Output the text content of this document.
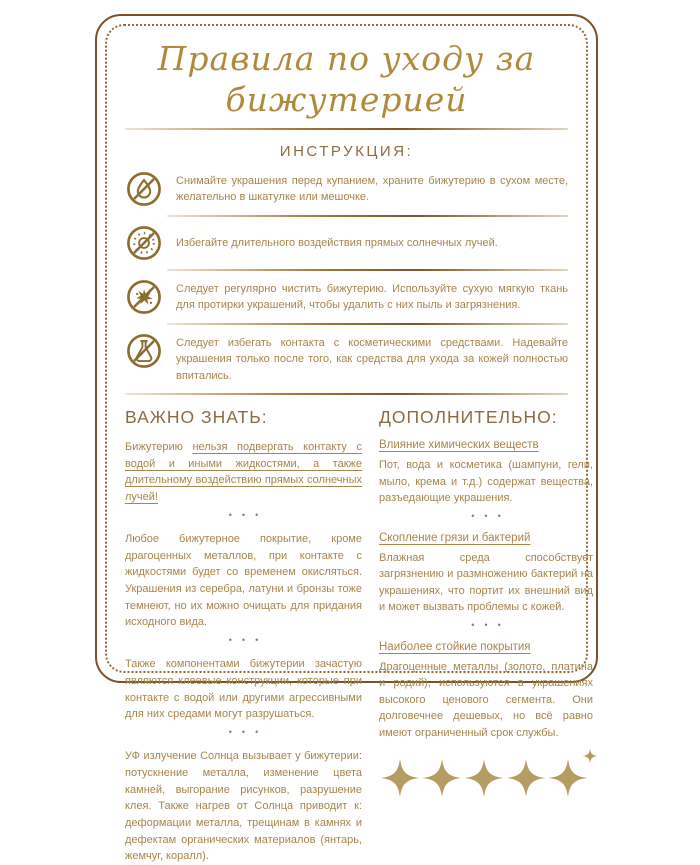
Правила по уходу за бижутерией
ИНСТРУКЦИЯ:
Снимайте украшения перед купанием, храните бижутерию в сухом месте, желательно в шкатулке или мешочке.
Избегайте длительного воздействия прямых солнечных лучей.
Следует регулярно чистить бижутерию. Используйте сухую мягкую ткань для протирки украшений, чтобы удалить с них пыль и загрязнения.
Следует избегать контакта с косметическими средствами. Надевайте украшения только после того, как средства для ухода за кожей полностью впитались.
ВАЖНО ЗНАТЬ:
Бижутерию нельзя подвергать контакту с водой и иными жидкостями, а также длительному воздействию прямых солнечных лучей!
•••
Любое бижутерное покрытие, кроме драгоценных металлов, при контакте с жидкостями будет со временем окисляться. Украшения из серебра, латуни и бронзы тоже темнеют, но их можно очищать для придания исходного вида.
•••
Также компонентами бижутерии зачастую являются клеевые конструкции, которые при контакте с водой или другими агрессивными для них средами могут разрушаться.
•••
УФ излучение Солнца вызывает у бижутерии: потускнение металла, изменение цвета камней, выгорание рисунков, разрушение клея. Также нагрев от Солнца приводит к: деформации металла, трещинам в камнях и дефектам органических материалов (янтарь, жемчуг, коралл).
ДОПОЛНИТЕЛЬНО:
Влияние химических веществ
Пот, вода и косметика (шампуни, гели, мыло, крема и т.д.) содержат вещества, разъедающие украшения.
•••
Скопление грязи и бактерий
Влажная среда способствует загрязнению и размножению бактерий на украшениях, что портит их внешний вид и может вызвать проблемы с кожей.
•••
Наиболее стойкие покрытия
Драгоценные металлы (золото, платина и родий), используются в украшениях высокого ценового сегмента. Они долговечнее дешевых, но всё равно имеют ограниченный срок службы.
